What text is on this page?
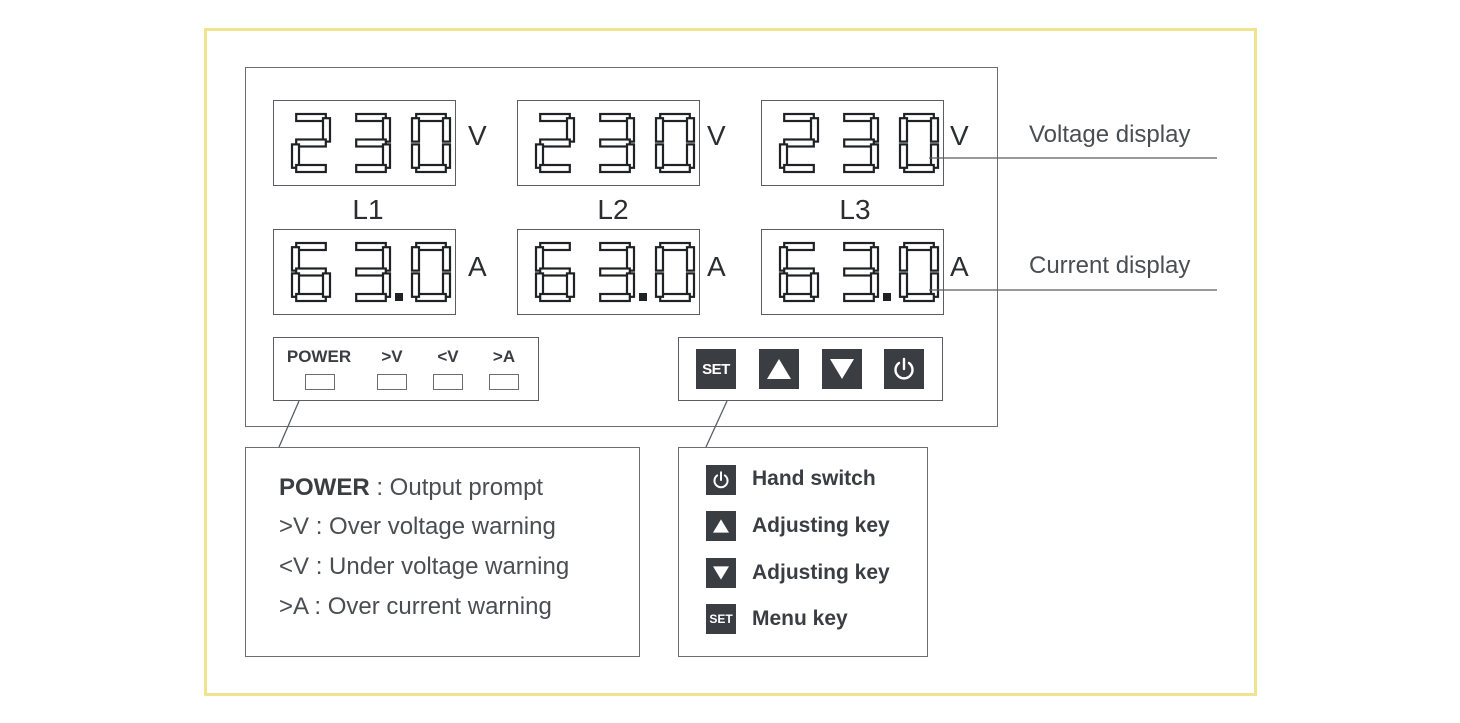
V	V	V
L1	L2	L3
A	A	A
Voltage display
Current display
POWER	>V	<V	>A
SET
POWER : Output prompt
>V : Over voltage warning
<V : Under voltage warning
>A : Over current warning
Hand switch
Adjusting key
Adjusting key
SET Menu key
